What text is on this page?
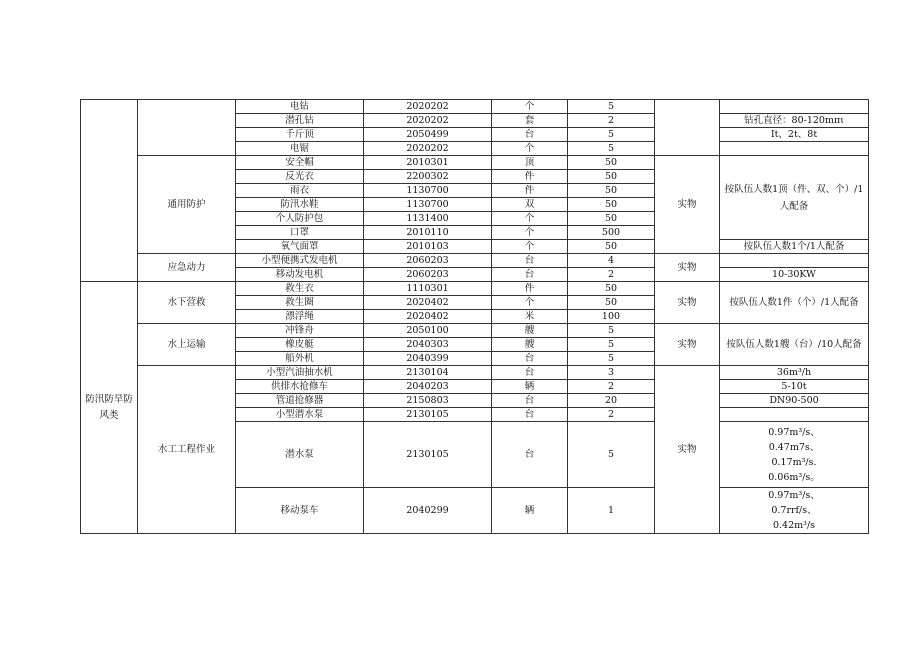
		电钻	2020202	个	5		
		潜孔钻	2020202	套	2		钻孔直径：80-120mπι
		千斤顶	2050499	台	5		It、2t、8t
		电锯	2020202	个	5		
	通用防护	安全帽	2010301	顶	50	实物	按队伍人数1顶（件、双、个）/1人配备
		反光衣	2200302	件	50		
		雨衣	1130700	件	50		
		防汛水鞋	1130700	双	50		
		个人防护包	1131400	个	50		
		口罩	2010110	个	500		
		氧气面罩	2010103	个	50		按队伍人数1个/1人配备
	应急动力	小型便携式发电机	2060203	台	4	实物	
		移动发电机	2060203	台	2		10-30KW
防汛防旱防风类	水下营救	救生衣	1110301	件	50	实物	按队伍人数1件（个）/1人配备
		救生圈	2020402	个	50		
		漂浮绳	2020402	米	100		
	水上运输	冲锋舟	2050100	艘	5	实物	按队伍人数1艘（台）/10人配备
		橡皮艇	2040303	艘	5		
		船外机	2040399	台	5		
	水工工程作业	小型汽油抽水机	2130104	台	3	实物	36m³/h
		供排水抢修车	2040203	辆	2		5-10t
		管道抢修器	2150803	台	20		DN90-500
		小型潜水泵	2130105	台	2		
		潜水泵	2130105	台	5		0.97m³/s、
0.47m7s、
0.17m³/s.
0.06m³/s。

		移动泵车	2040299	辆	1		0.97m³/s、
0.7rrf/s、
0.42m³/s
